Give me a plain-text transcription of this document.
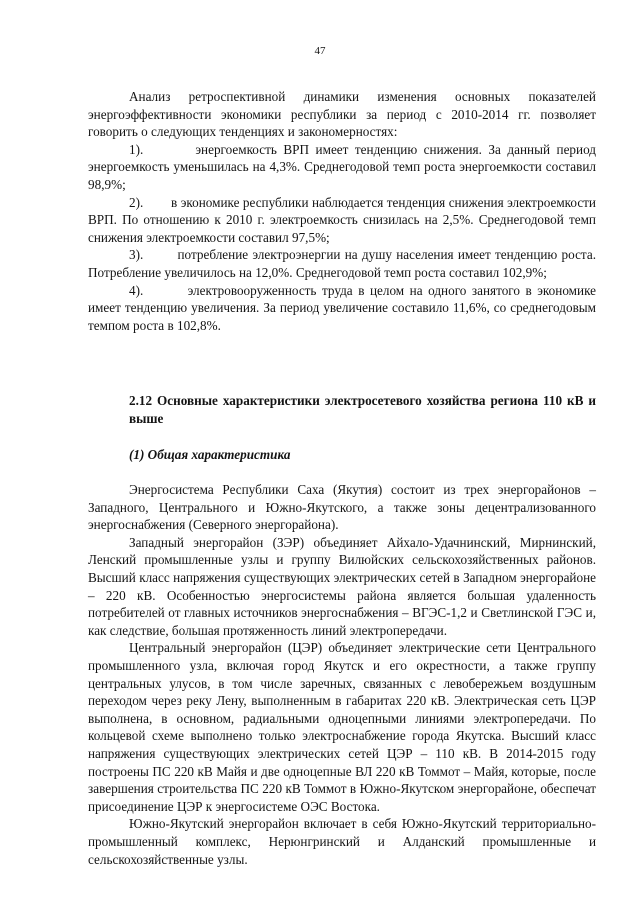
47

Анализ ретроспективной динамики изменения основных показателей энергоэффективности экономики республики за период с 2010-2014 гг. позволяет говорить о следующих тенденциях и закономерностях:

1).	энергоемкость ВРП имеет тенденцию снижения. За данный период энергоемкость уменьшилась на 4,3%. Среднегодовой темп роста энергоемкости составил 98,9%;

2). в экономике республики наблюдается тенденция снижения электроемкости ВРП. По отношению к 2010 г. электроемкость снизилась на 2,5%. Среднегодовой темп снижения электроемкости составил 97,5%;

3).	потребление электроэнергии на душу населения имеет тенденцию роста. Потребление увеличилось на 12,0%. Среднегодовой темп роста составил 102,9%;

4).	электровооруженность труда в целом на одного занятого в экономике имеет тенденцию увеличения. За период увеличение составило 11,6%, со среднегодовым темпом роста в 102,8%.

2.12 Основные характеристики электросетевого хозяйства региона 110 кВ и выше

(1) Общая характеристика

Энергосистема Республики Саха (Якутия) состоит из трех энергорайонов – Западного, Центрального и Южно-Якутского, а также зоны децентрализованного энергоснабжения (Северного энергорайона).

Западный энергорайон (ЗЭР) объединяет Айхало-Удачнинский, Мирнинский, Ленский промышленные узлы и группу Вилюйских сельскохозяйственных районов. Высший класс напряжения существующих электрических сетей в Западном энергорайоне – 220 кВ. Особенностью энергосистемы района является большая удаленность потребителей от главных источников энергоснабжения – ВГЭС-1,2 и Светлинской ГЭС и, как следствие, большая протяженность линий электропередачи.

Центральный энергорайон (ЦЭР) объединяет электрические сети Центрального промышленного узла, включая город Якутск и его окрестности, а также группу центральных улусов, в том числе заречных, связанных с левобережьем воздушным переходом через реку Лену, выполненным в габаритах 220 кВ. Электрическая сеть ЦЭР выполнена, в основном, радиальными одноцепными линиями электропередачи. По кольцевой схеме выполнено только электроснабжение города Якутска. Высший класс напряжения существующих электрических сетей ЦЭР – 110 кВ. В 2014-2015 году построены ПС 220 кВ Майя и две одноцепные ВЛ 220 кВ Томмот – Майя, которые, после завершения строительства ПС 220 кВ Томмот в Южно-Якутском энергорайоне, обеспечат присоединение ЦЭР к энергосистеме ОЭС Востока.

Южно-Якутский энергорайон включает в себя Южно-Якутский территориально-промышленный комплекс, Нерюнгринский и Алданский промышленные и сельскохозяйственные узлы.
